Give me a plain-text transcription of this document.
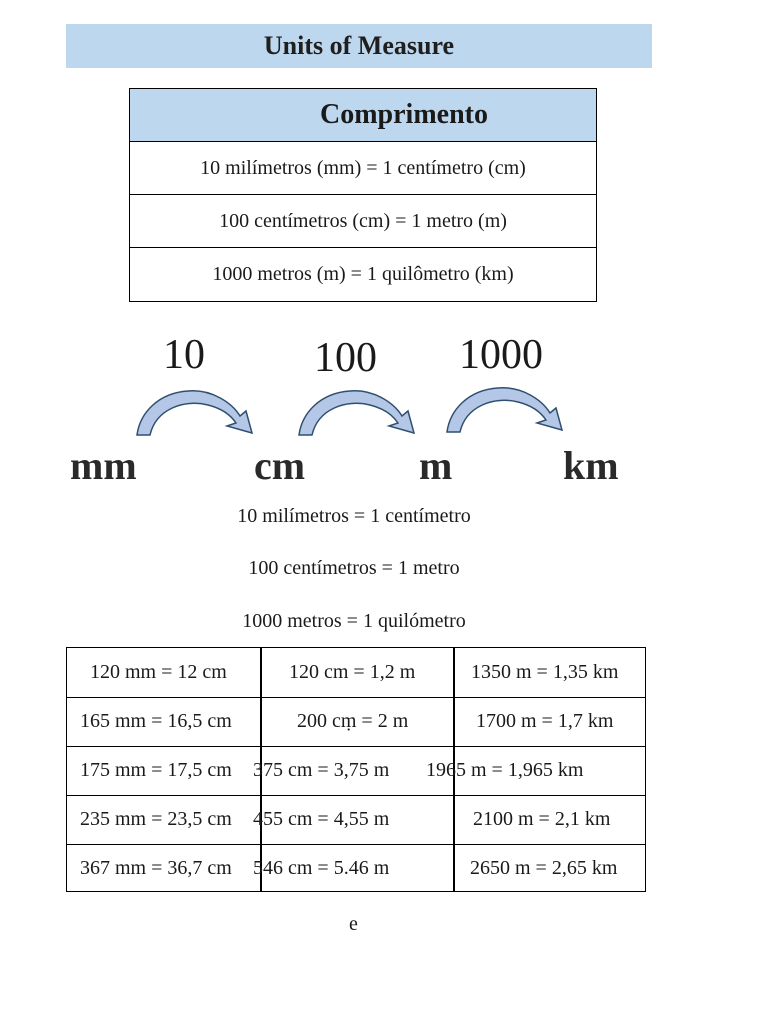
Units of Measure
Comprimento
10 milímetros (mm) = 1 centímetro (cm)
100 centímetros (cm) = 1 metro (m)
1000 metros (m) = 1 quilômetro (km)
10	100 1000
mm	cm	m	km
10 milímetros = 1 centímetro
100 centímetros = 1 metro
1000 metros = 1 quilómetro
120 mm = 12 cm	120 cm = 1,2 m	1350 m = 1,35 km
165 mm = 16,5 cm	200 cṃ = 2 m	1700 m = 1,7 km
175 mm = 17,5 cm 375 cm = 3,75 m 1965 m = 1,965 km
235 mm = 23,5 cm 455 cm = 4,55 m	2100 m = 2,1 km
367 mm = 36,7 cm 546 cm = 5.46 m	2650 m = 2,65 km
e
